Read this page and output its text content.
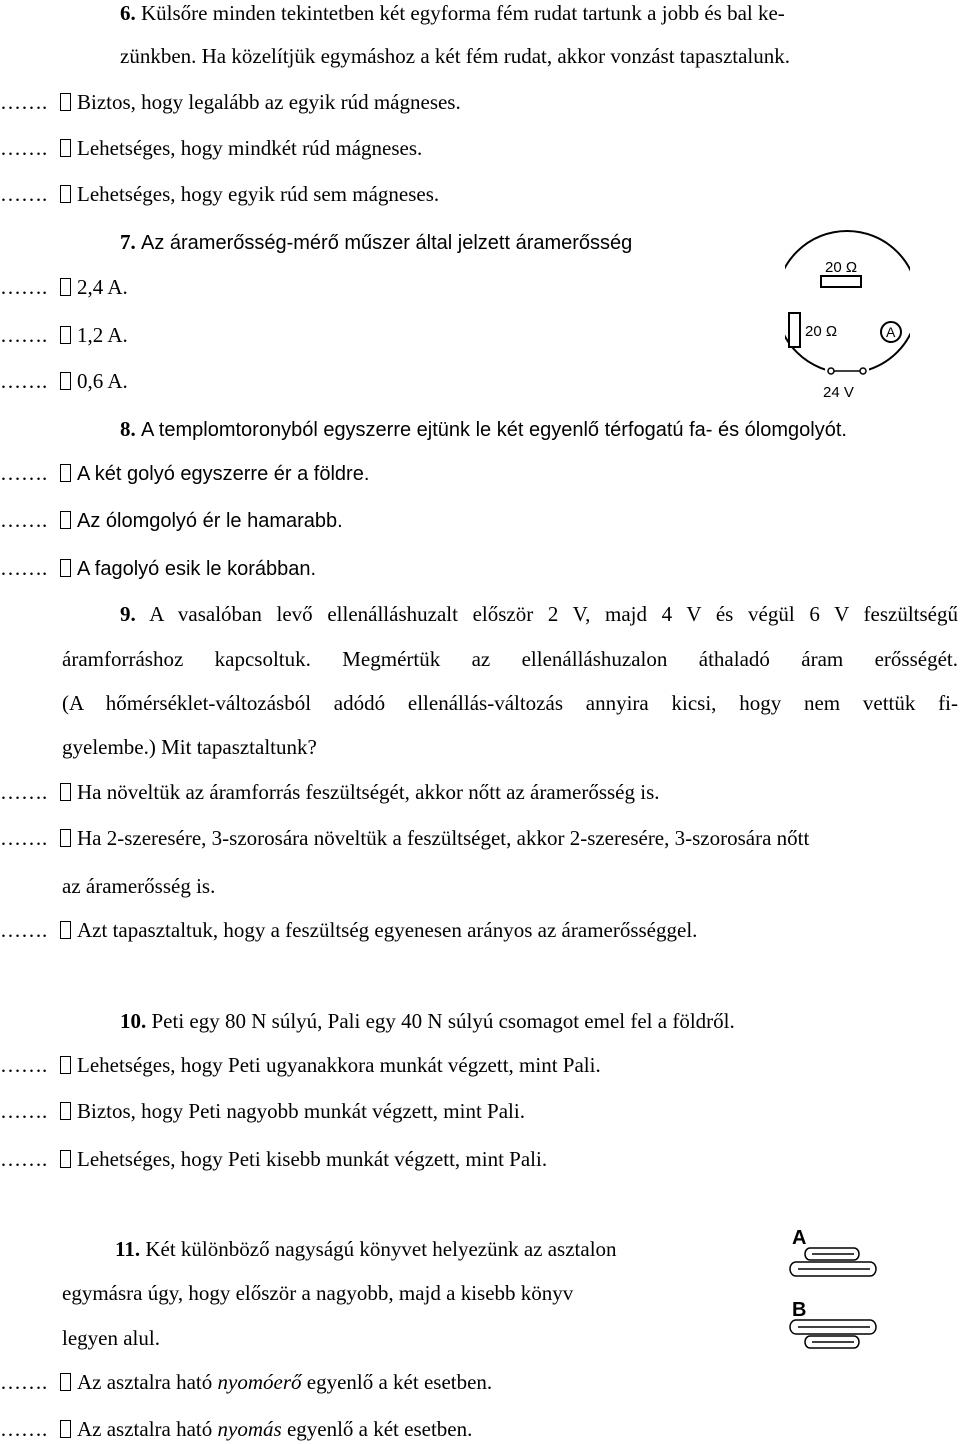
6. Külsőre minden tekintetben két egyforma fém rudat tartunk a jobb és bal ke-
zünkben. Ha közelítjük egymáshoz a két fém rudat, akkor vonzást tapasztalunk.
……. Biztos, hogy legalább az egyik rúd mágneses.
……. Lehetséges, hogy mindkét rúd mágneses.
……. Lehetséges, hogy egyik rúd sem mágneses.
7. Az áramerősség-mérő műszer által jelzett áramerősség
……. 2,4 A.
……. 1,2 A.
……. 0,6 A.
20 Ω
20 Ω	A
24 V
8. A templomtoronyból egyszerre ejtünk le két egyenlő térfogatú fa- és ólomgolyót.
……. A két golyó egyszerre ér a földre.
……. Az ólomgolyó ér le hamarabb.
……. A fagolyó esik le korábban.
9. A vasalóban levő ellenálláshuzalt először 2 V, majd 4 V és végül 6 V feszültségű
áramforráshoz kapcsoltuk. Megmértük az ellenálláshuzalon áthaladó áram erősségét.
(A hőmérséklet-változásból adódó ellenállás-változás annyira kicsi, hogy nem vettük fi-
gyelembe.) Mit tapasztaltunk?
……. Ha növeltük az áramforrás feszültségét, akkor nőtt az áramerősség is.
……. Ha 2-szeresére, 3-szorosára növeltük a feszültséget, akkor 2-szeresére, 3-szorosára nőtt
az áramerősség is.
……. Azt tapasztaltuk, hogy a feszültség egyenesen arányos az áramerősséggel.
10. Peti egy 80 N súlyú, Pali egy 40 N súlyú csomagot emel fel a földről.
……. Lehetséges, hogy Peti ugyanakkora munkát végzett, mint Pali.
……. Biztos, hogy Peti nagyobb munkát végzett, mint Pali.
……. Lehetséges, hogy Peti kisebb munkát végzett, mint Pali.
11. Két különböző nagyságú könyvet helyezünk az asztalon
egymásra úgy, hogy először a nagyobb, majd a kisebb könyv
legyen alul.
……. Az asztalra ható nyomóerő egyenlő a két esetben.
……. Az asztalra ható nyomás egyenlő a két esetben.
A
B
